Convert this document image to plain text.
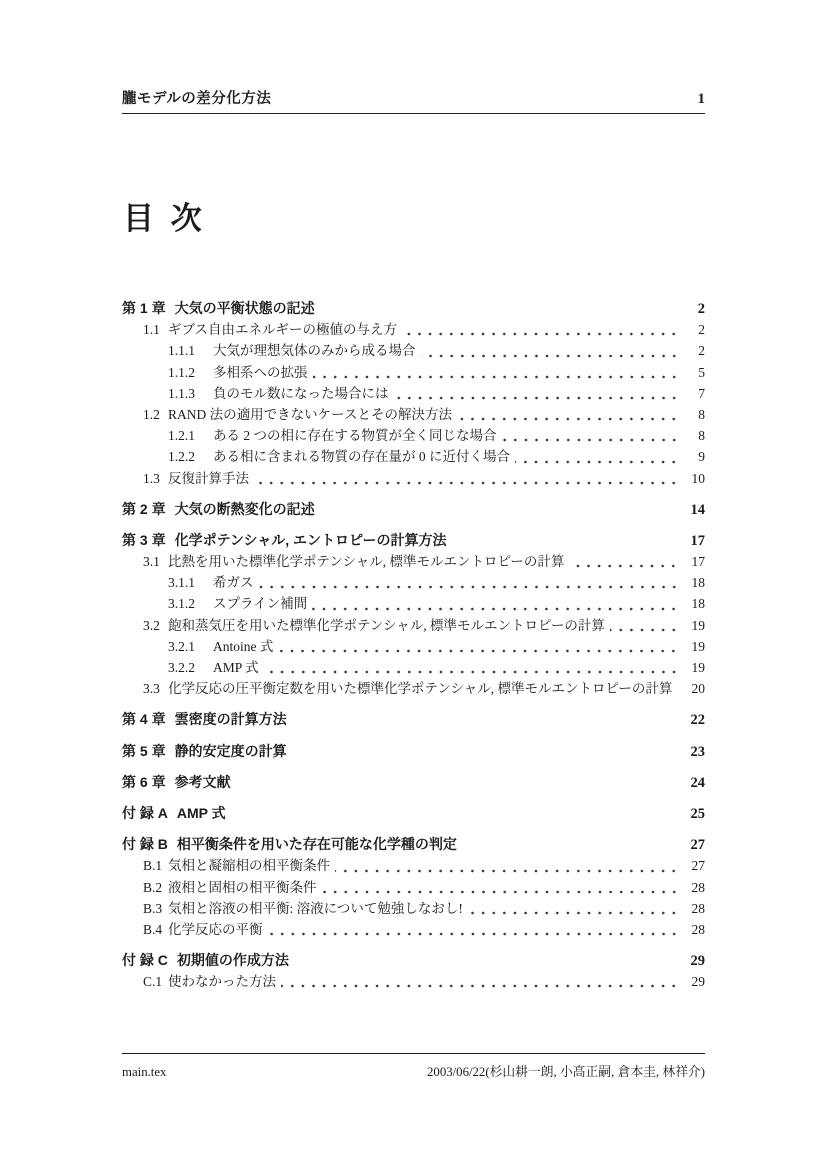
朧モデルの差分化方法	1
目 次
第 1 章 大気の平衡状態の記述	2
1.1 ギブス自由エネルギーの極値の与え方	2
1.1.1	大気が理想気体のみから成る場合	2
1.1.2	多相系への拡張	5
1.1.3	負のモル数になった場合には	7
1.2 RAND 法の適用できないケースとその解決方法	8
1.2.1	ある 2 つの相に存在する物質が全く同じな場合	8
1.2.2	ある相に含まれる物質の存在量が 0 に近付く場合	9
1.3 反復計算手法	10
第 2 章 大気の断熱変化の記述	14
第 3 章 化学ポテンシャル, エントロピーの計算方法	17
3.1 比熱を用いた標準化学ポテンシャル, 標準モルエントロピーの計算	17
3.1.1	希ガス	18
3.1.2	スプライン補間	18
3.2 飽和蒸気圧を用いた標準化学ポテンシャル, 標準モルエントロピーの計算	19
3.2.1	Antoine 式	19
3.2.2	AMP 式	19
3.3 化学反応の圧平衡定数を用いた標準化学ポテンシャル, 標準モルエントロピーの計算	20
第 4 章 雲密度の計算方法	22
第 5 章 静的安定度の計算	23
第 6 章 参考文献	24
付 録 A AMP 式	25
付 録 B 相平衡条件を用いた存在可能な化学種の判定	27
B.1 気相と凝縮相の相平衡条件	27
B.2 液相と固相の相平衡条件	28
B.3 気相と溶液の相平衡: 溶液について勉強しなおし!	28
B.4 化学反応の平衡	28
付 録 C 初期値の作成方法	29
C.1 使わなかった方法	29
main.tex	2003/06/22(杉山耕一朗, 小高正嗣, 倉本圭, 林祥介)
